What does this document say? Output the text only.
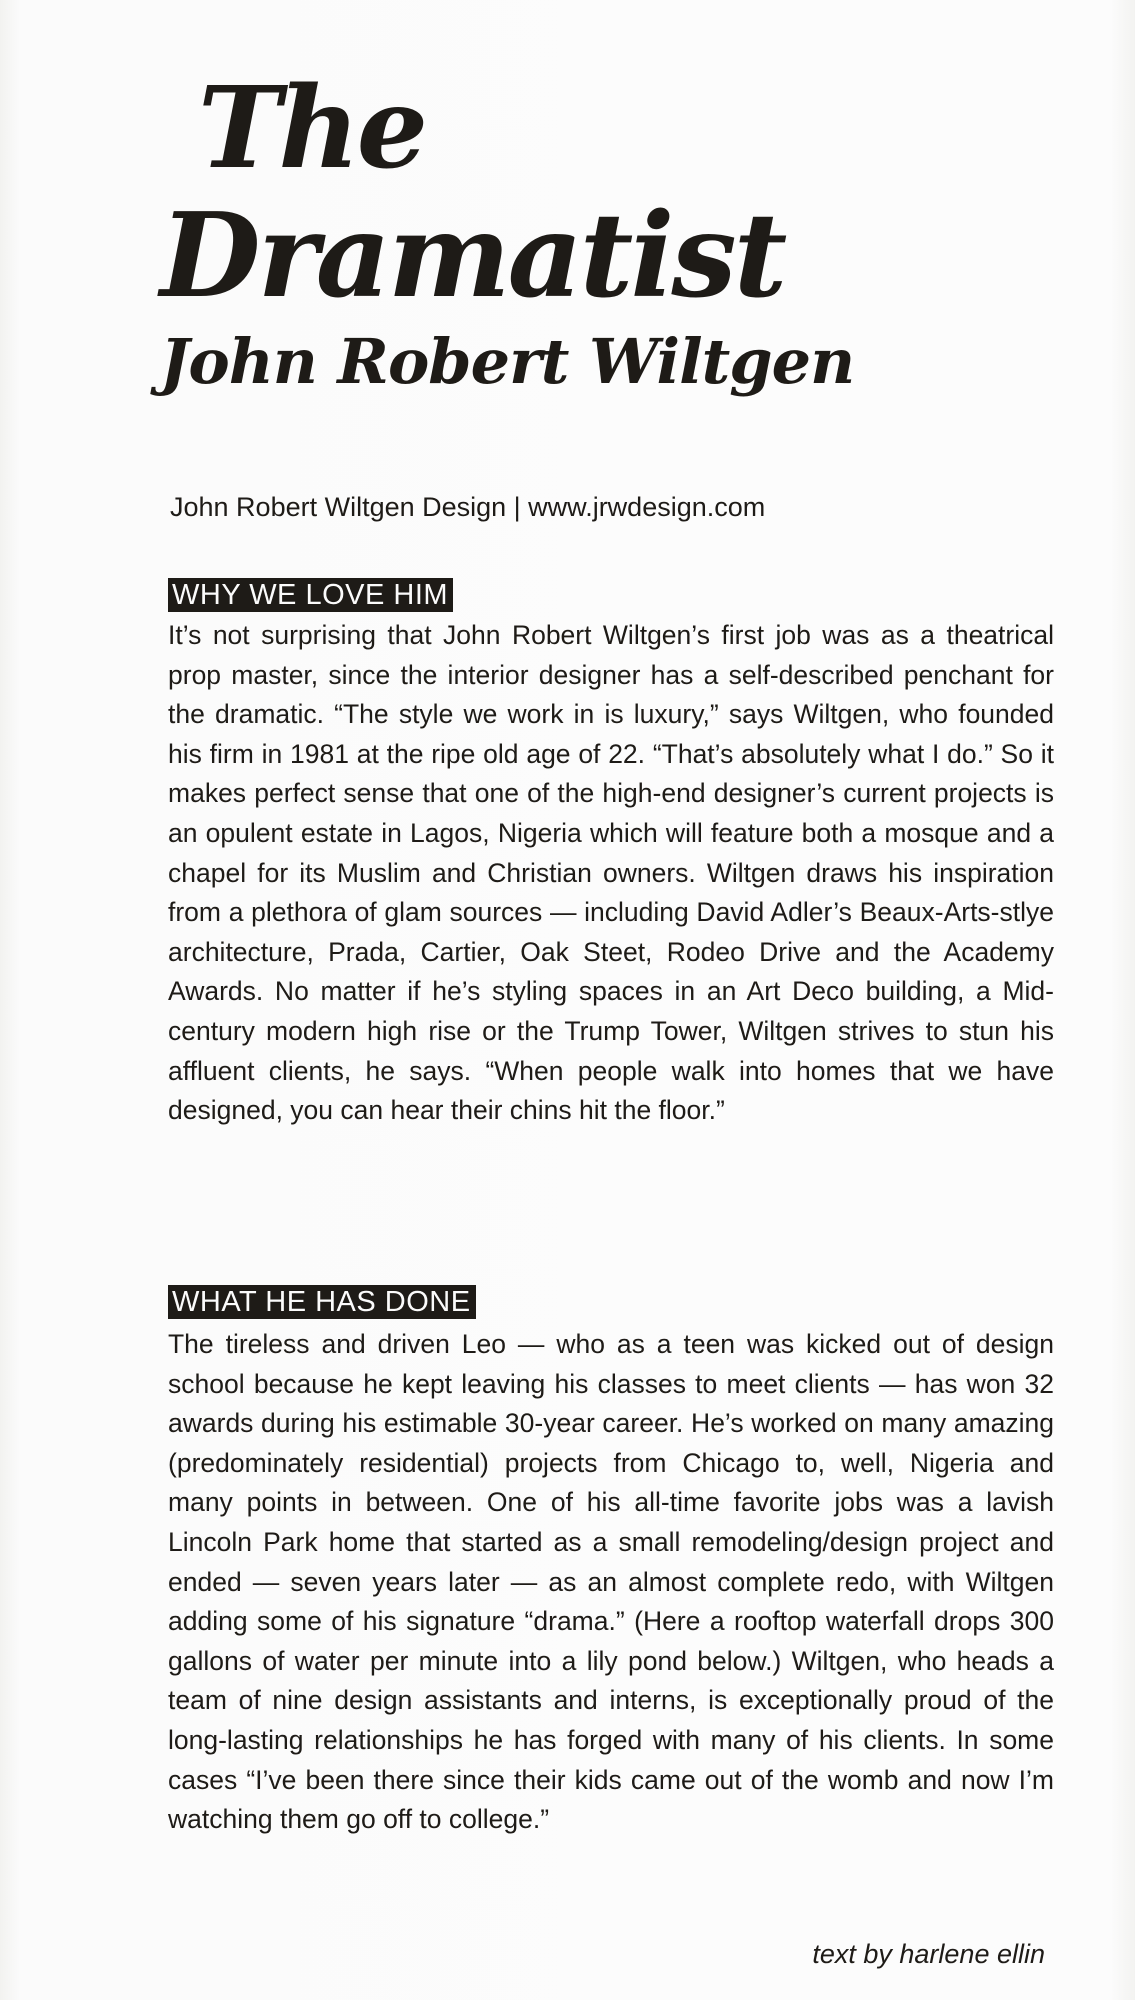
The
Dramatist
John Robert Wiltgen
John Robert Wiltgen Design | www.jrwdesign.com
WHY WE LOVE HIM

It’s not surprising that John Robert Wiltgen’s first job was as a theatrical prop master, since the interior designer has a self-described penchant for the dramatic. “The style we work in is luxury,” says Wiltgen, who founded his firm in 1981 at the ripe old age of 22. “That’s absolutely what I do.” So it makes perfect sense that one of the high-end designer’s current projects is an opulent estate in Lagos, Nigeria which will feature both a mosque and a chapel for its Muslim and Christian owners. Wiltgen draws his inspiration from a plethora of glam sources — including David Adler’s Beaux-Arts-stlye architecture, Prada, Cartier, Oak Steet, Rodeo Drive and the Academy Awards. No matter if he’s styling spaces in an Art Deco building, a Mid-century modern high rise or the Trump Tower, Wiltgen strives to stun his affluent clients, he says. “When people walk into homes that we have designed, you can hear their chins hit the floor.”

WHAT HE HAS DONE

The tireless and driven Leo — who as a teen was kicked out of design school because he kept leaving his classes to meet clients — has won 32 awards during his estimable 30-year career. He’s worked on many amazing (predominately residential) projects from Chicago to, well, Nigeria and many points in between. One of his all-time favorite jobs was a lavish Lincoln Park home that started as a small remodeling/design project and ended — seven years later — as an almost complete redo, with Wiltgen adding some of his signature “drama.” (Here a rooftop waterfall drops 300 gallons of water per minute into a lily pond below.) Wiltgen, who heads a team of nine design assistants and interns, is exceptionally proud of the long-lasting relationships he has forged with many of his clients. In some cases “I’ve been there since their kids came out of the womb and now I’m watching them go off to college.”

text by harlene ellin
